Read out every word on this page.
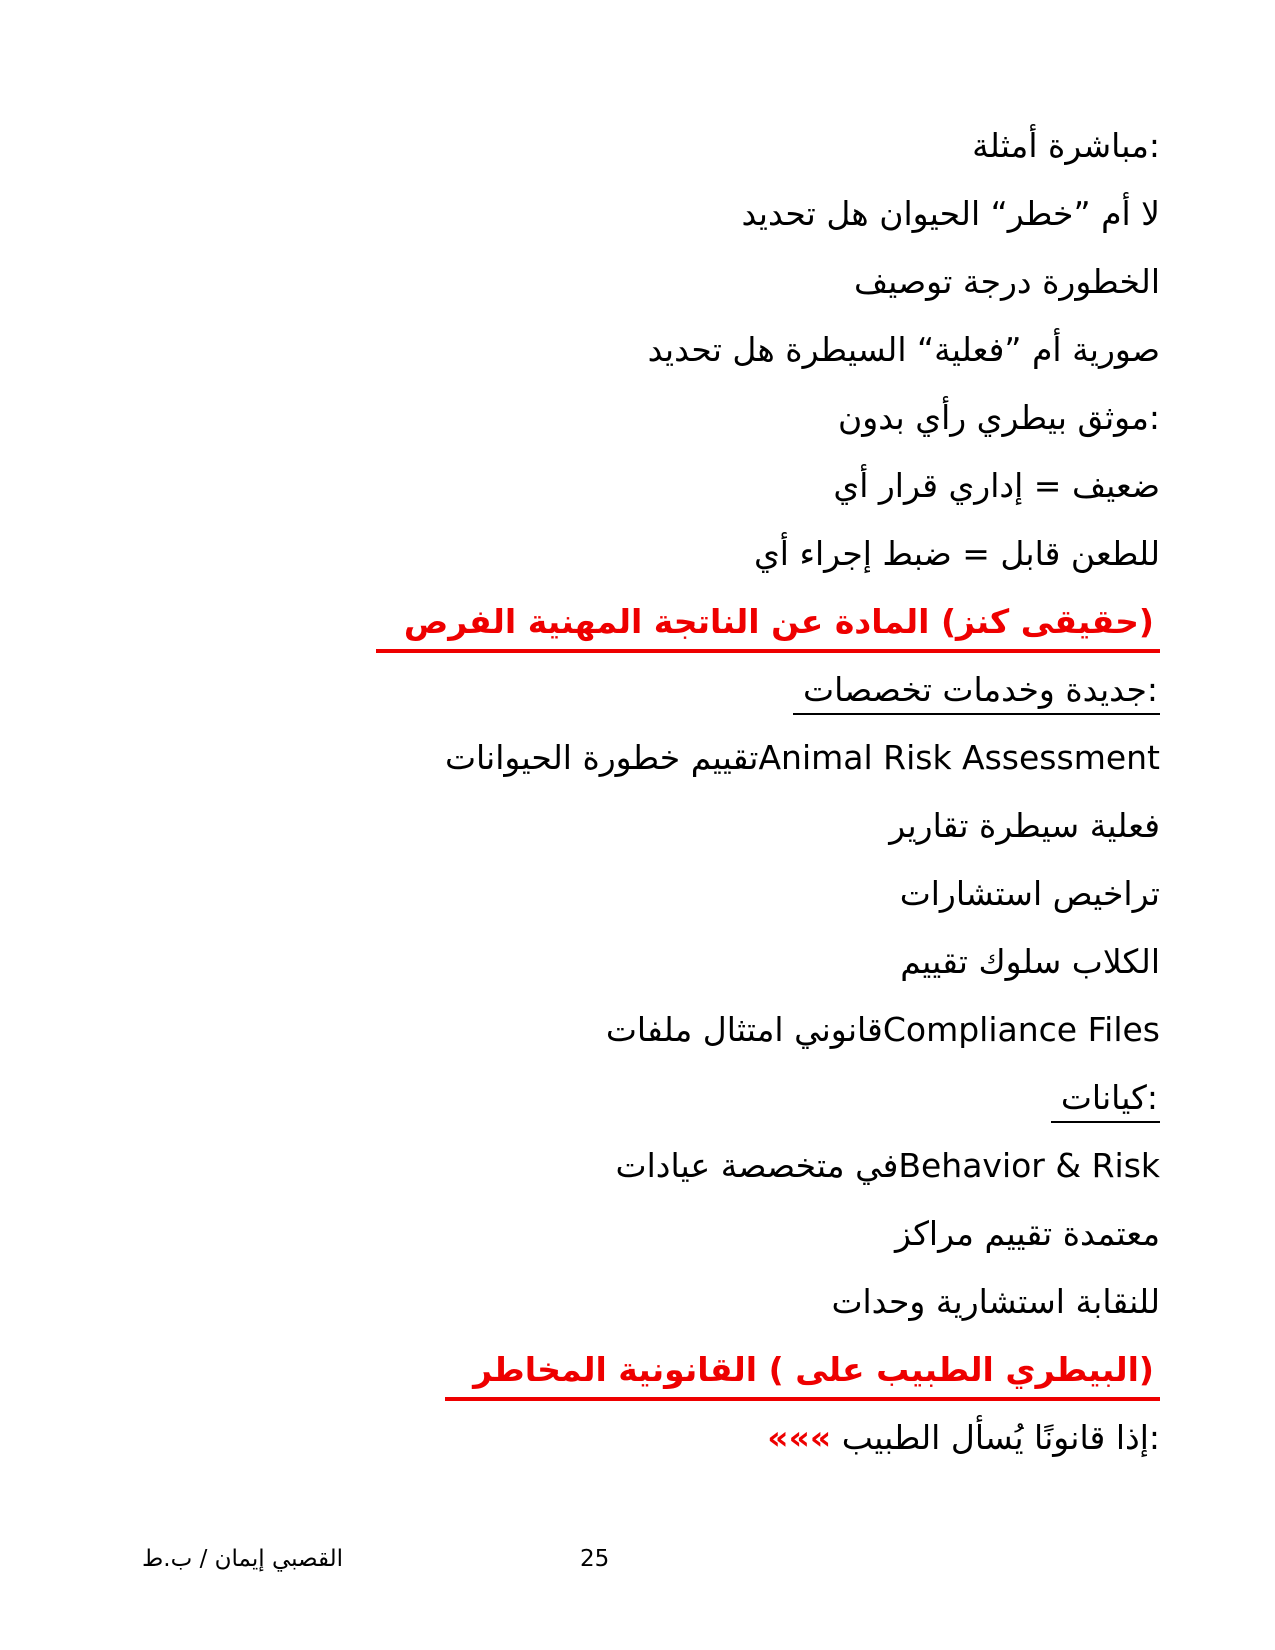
أمثلة مباشرة:
تحديد هل الحيوان “خطر” أم لا
توصيف درجة الخطورة
تحديد هل السيطرة “فعلية” أم صورية
بدون رأي بيطري موثق:
أي قرار إداري = ضعيف
أي إجراء ضبط = قابل للطعن
الفرص المهنية الناتجة عن المادة (كنز حقيقى)
تخصصات وخدمات جديدة:
الحيوانات خطورة تقييمAnimal Risk Assessment
تقارير سيطرة فعلية
استشارات تراخيص
تقييم سلوك الكلاب
ملفات امتثال قانونيCompliance Files
كيانات:
عيادات متخصصة فيBehavior & Risk
مراكز تقييم معتمدة
وحدات استشارية للنقابة
المخاطر القانونية ( على الطبيب البيطري)
««« الطبيب يُسأل قانونًا إذا:
25
ط‎.ب / إيمان القصبي
